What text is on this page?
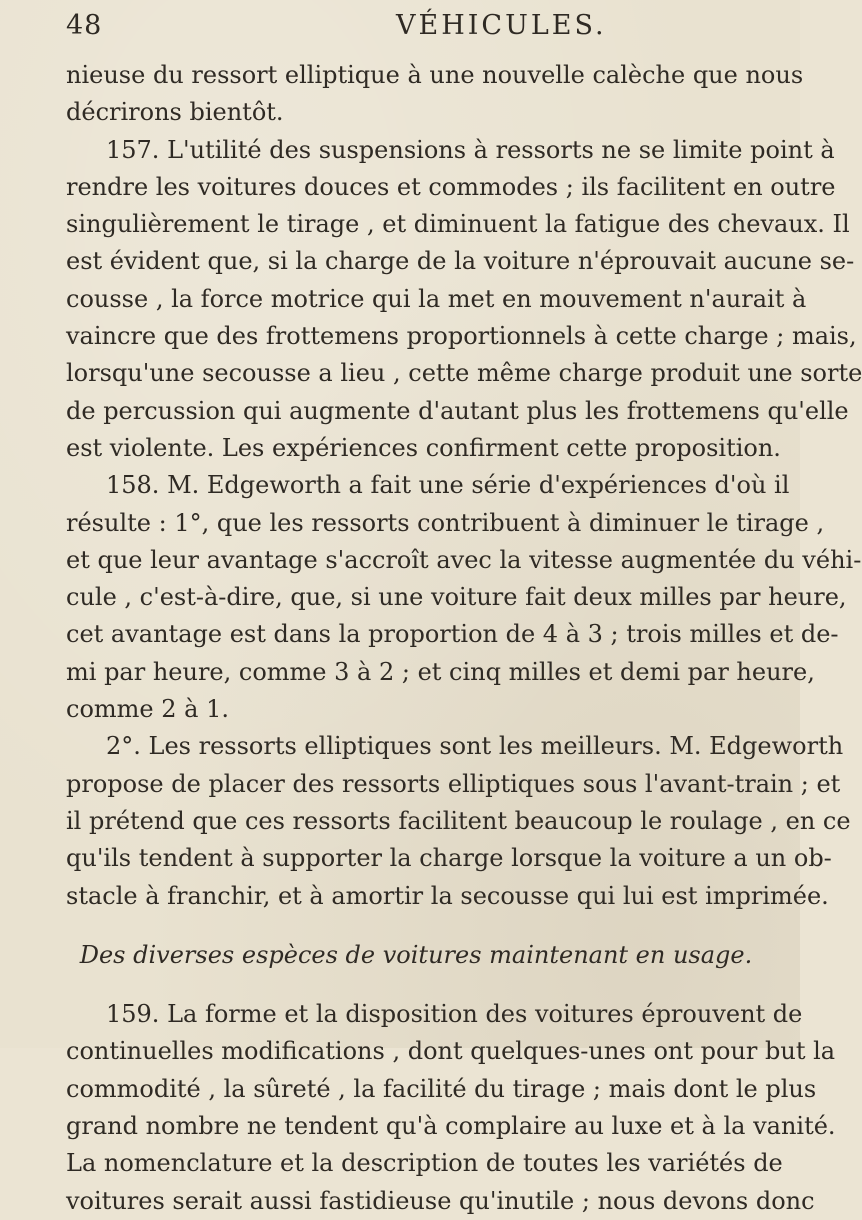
48	VÉHICULES.
nieuse du ressort elliptique à une nouvelle calèche que nous
décrirons bientôt.
157. L'utilité des suspensions à ressorts ne se limite point à
rendre les voitures douces et commodes ; ils facilitent en outre
singulièrement le tirage , et diminuent la fatigue des chevaux. Il
est évident que, si la charge de la voiture n'éprouvait aucune se-
cousse , la force motrice qui la met en mouvement n'aurait à
vaincre que des frottemens proportionnels à cette charge ; mais,
lorsqu'une secousse a lieu , cette même charge produit une sorte
de percussion qui augmente d'autant plus les frottemens qu'elle
est violente. Les expériences confirment cette proposition.
158. M. Edgeworth a fait une série d'expériences d'où il
résulte : 1°, que les ressorts contribuent à diminuer le tirage ,
et que leur avantage s'accroît avec la vitesse augmentée du véhi-
cule , c'est-à-dire, que, si une voiture fait deux milles par heure,
cet avantage est dans la proportion de 4 à 3 ; trois milles et de-
mi par heure, comme 3 à 2 ; et cinq milles et demi par heure,
comme 2 à 1.
2°. Les ressorts elliptiques sont les meilleurs. M. Edgeworth
propose de placer des ressorts elliptiques sous l'avant-train ; et
il prétend que ces ressorts facilitent beaucoup le roulage , en ce
qu'ils tendent à supporter la charge lorsque la voiture a un ob-
stacle à franchir, et à amortir la secousse qui lui est imprimée.
Des diverses espèces de voitures maintenant en usage.
159. La forme et la disposition des voitures éprouvent de
continuelles modifications , dont quelques-unes ont pour but la
commodité , la sûreté , la facilité du tirage ; mais dont le plus
grand nombre ne tendent qu'à complaire au luxe et à la vanité.
La nomenclature et la description de toutes les variétés de
voitures serait aussi fastidieuse qu'inutile ; nous devons donc
